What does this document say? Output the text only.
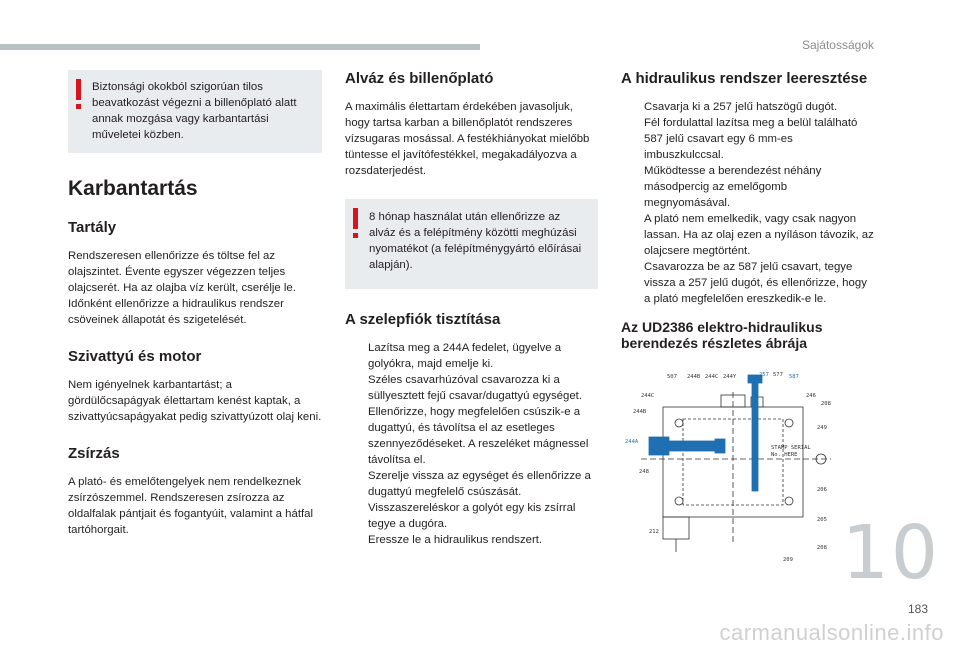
Sajátosságok

Biztonsági okokból szigorúan tilos beavatkozást végezni a billenőplató alatt annak mozgása vagy karbantartási műveletei közben.

Karbantartás
Tartály

Rendszeresen ellenőrizze és töltse fel az olajszintet. Évente egyszer végezzen teljes olajcserét. Ha az olajba víz került, cserélje le. Időnként ellenőrizze a hidraulikus rendszer csöveinek állapotát és szigetelését.

Szivattyú és motor

Nem igényelnek karbantartást; a gördülőcsapágyak élettartam kenést kaptak, a szivattyúcsapágyakat pedig szivattyúzott olaj keni.

Zsírzás

A plató- és emelőtengelyek nem rendelkeznek zsírzószemmel. Rendszeresen zsírozza az oldalfalak pántjait és fogantyúit, valamint a hátfal tartóhorgait.

Alváz és billenőplató

A maximális élettartam érdekében javasoljuk, hogy tartsa karban a billenőplatót rendszeres vízsugaras mosással. A festékhiányokat mielőbb tüntesse el javítófestékkel, megakadályozva a rozsdaterjedést.

8 hónap használat után ellenőrizze az alváz és a felépítmény közötti meghúzási nyomatékot (a felépítménygyártó előírásai alapján).

A szelepfiók tisztítása
Lazítsa meg a 244A fedelet, ügyelve a golyókra, majd emelje ki.
Széles csavarhúzóval csavarozza ki a süllyesztett fejű csavar/dugattyú egységet.
Ellenőrizze, hogy megfelelően csúszik-e a dugattyú, és távolítsa el az esetleges szennyeződéseket. A reszeléket mágnessel távolítsa el.
Szerelje vissza az egységet és ellenőrizze a dugattyú megfelelő csúszását. Visszaszereléskor a golyót egy kis zsírral tegye a dugóra.
Eressze le a hidraulikus rendszert.
A hidraulikus rendszer leeresztése
Csavarja ki a 257 jelű hatszögű dugót.
Fél fordulattal lazítsa meg a belül található 587 jelű csavart egy 6 mm-es imbuszkulccsal.
Működtesse a berendezést néhány másodpercig az emelőgomb megnyomásával.
A plató nem emelkedik, vagy csak nagyon lassan. Ha az olaj ezen a nyíláson távozik, az olajcsere megtörtént.
Csavarozza be az 587 jelű csavart, tegye vissza a 257 jelű dugót, és ellenőrizze, hogy a plató megfelelően ereszkedik-e le.
Az UD2386 elektro-hidraulikus berendezés részletes ábrája
507 244B 244C 244Y	257 577 587
244C
244B
244A
248
212
246
208
249
206
205
208
209
STAMP SERIAL
No. HERE
10
183
carmanualsonline.info
